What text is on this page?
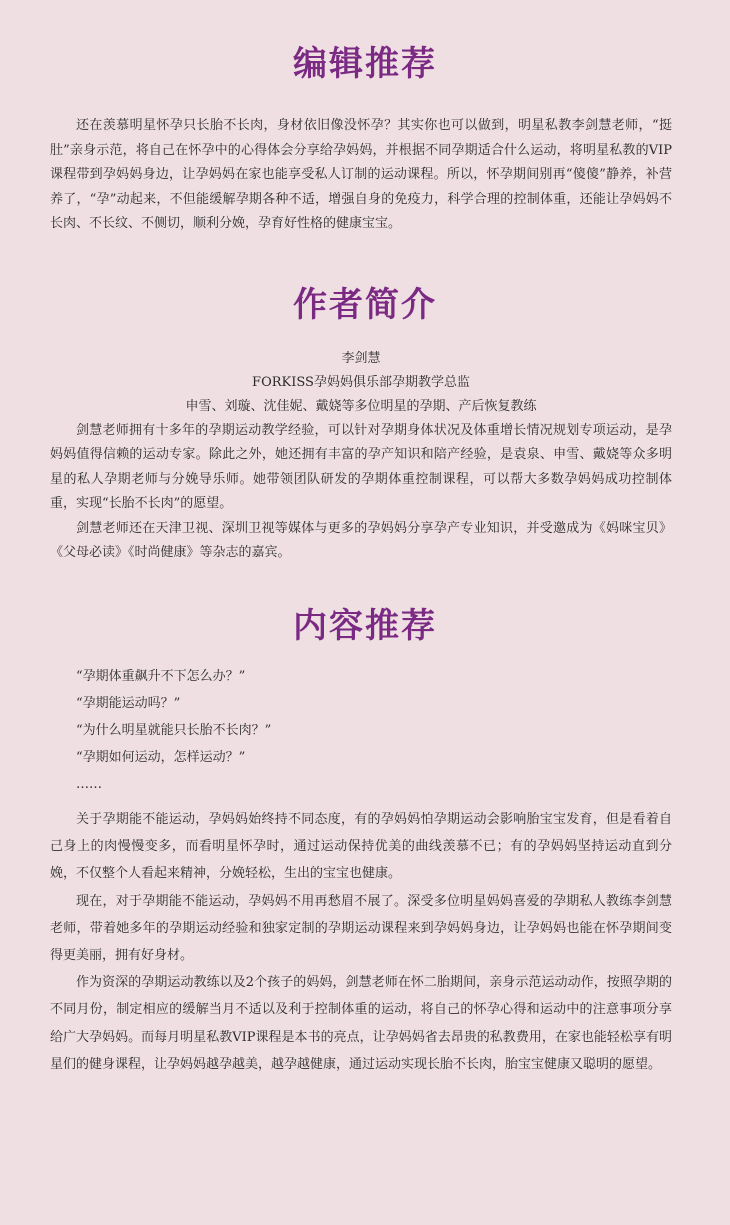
编辑推荐

还在羡慕明星怀孕只长胎不长肉，身材依旧像没怀孕？其实你也可以做到，明星私教李剑慧老师，“挺肚”亲身示范，将自己在怀孕中的心得体会分享给孕妈妈，并根据不同孕期适合什么运动，将明星私教的VIP课程带到孕妈妈身边，让孕妈妈在家也能享受私人订制的运动课程。所以，怀孕期间别再“傻傻”静养，补营养了，“孕”动起来，不但能缓解孕期各种不适，增强自身的免疫力，科学合理的控制体重，还能让孕妈妈不长肉、不长纹、不侧切，顺利分娩，孕育好性格的健康宝宝。

作者简介

李剑慧

FORKISS孕妈妈俱乐部孕期教学总监

申雪、刘璇、沈佳妮、戴娆等多位明星的孕期、产后恢复教练

剑慧老师拥有十多年的孕期运动教学经验，可以针对孕期身体状况及体重增长情况规划专项运动，是孕妈妈值得信赖的运动专家。除此之外，她还拥有丰富的孕产知识和陪产经验，是袁泉、申雪、戴娆等众多明星的私人孕期老师与分娩导乐师。她带领团队研发的孕期体重控制课程，可以帮大多数孕妈妈成功控制体重，实现“长胎不长肉”的愿望。

剑慧老师还在天津卫视、深圳卫视等媒体与更多的孕妈妈分享孕产专业知识，并受邀成为《妈咪宝贝》《父母必读》《时尚健康》等杂志的嘉宾。

内容推荐

“孕期体重飙升不下怎么办？”

“孕期能运动吗？”

“为什么明星就能只长胎不长肉？”

“孕期如何运动，怎样运动？”

……

关于孕期能不能运动，孕妈妈始终持不同态度，有的孕妈妈怕孕期运动会影响胎宝宝发育，但是看着自己身上的肉慢慢变多，而看明星怀孕时，通过运动保持优美的曲线羡慕不已；有的孕妈妈坚持运动直到分娩，不仅整个人看起来精神，分娩轻松，生出的宝宝也健康。

现在，对于孕期能不能运动，孕妈妈不用再愁眉不展了。深受多位明星妈妈喜爱的孕期私人教练李剑慧老师，带着她多年的孕期运动经验和独家定制的孕期运动课程来到孕妈妈身边，让孕妈妈也能在怀孕期间变得更美丽，拥有好身材。

作为资深的孕期运动教练以及2个孩子的妈妈，剑慧老师在怀二胎期间，亲身示范运动动作，按照孕期的不同月份，制定相应的缓解当月不适以及利于控制体重的运动，将自己的怀孕心得和运动中的注意事项分享给广大孕妈妈。而每月明星私教VIP课程是本书的亮点，让孕妈妈省去昂贵的私教费用，在家也能轻松享有明星们的健身课程，让孕妈妈越孕越美，越孕越健康，通过运动实现长胎不长肉，胎宝宝健康又聪明的愿望。
